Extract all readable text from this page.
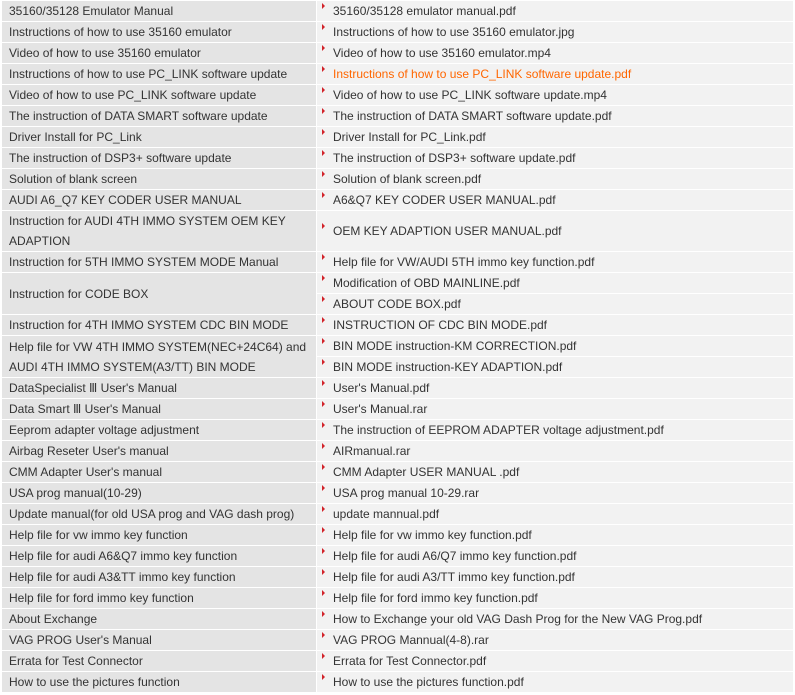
35160/35128 Emulator Manual	35160/35128 emulator manual.pdf
Instructions of how to use 35160 emulator	Instructions of how to use 35160 emulator.jpg
Video of how to use 35160 emulator	Video of how to use 35160 emulator.mp4
Instructions of how to use PC_LINK software update	Instructions of how to use PC_LINK software update.pdf
Video of how to use PC_LINK software update	Video of how to use PC_LINK software update.mp4
The instruction of DATA SMART software update	The instruction of DATA SMART software update.pdf
Driver Install for PC_Link	Driver Install for PC_Link.pdf
The instruction of DSP3+ software update	The instruction of DSP3+ software update.pdf
Solution of blank screen	Solution of blank screen.pdf
AUDI A6_Q7 KEY CODER USER MANUAL	A6&Q7 KEY CODER USER MANUAL.pdf
Instruction for AUDI 4TH IMMO SYSTEM OEM KEY ADAPTION	OEM KEY ADAPTION USER MANUAL.pdf
Instruction for 5TH IMMO SYSTEM MODE Manual	Help file for VW/AUDI 5TH immo key function.pdf
Instruction for CODE BOX	Modification of OBD MAINLINE.pdf
	ABOUT CODE BOX.pdf
Instruction for 4TH IMMO SYSTEM CDC BIN MODE	INSTRUCTION OF CDC BIN MODE.pdf
Help file for VW 4TH IMMO SYSTEM(NEC+24C64) and AUDI 4TH IMMO SYSTEM(A3/TT) BIN MODE	BIN MODE instruction-KM CORRECTION.pdf
	BIN MODE instruction-KEY ADAPTION.pdf
DataSpecialist Ⅲ User's Manual	User's Manual.pdf
Data Smart Ⅲ User's Manual	User's Manual.rar
Eeprom adapter voltage adjustment	The instruction of EEPROM ADAPTER voltage adjustment.pdf
Airbag Reseter User's manual	AIRmanual.rar
CMM Adapter User's manual	CMM Adapter USER MANUAL .pdf
USA prog manual(10-29)	USA prog manual 10-29.rar
Update manual(for old USA prog and VAG dash prog)	update mannual.pdf
Help file for vw immo key function	Help file for vw immo key function.pdf
Help file for audi A6&Q7 immo key function	Help file for audi A6/Q7 immo key function.pdf
Help file for audi A3&TT immo key function	Help file for audi A3/TT immo key function.pdf
Help file for ford immo key function	Help file for ford immo key function.pdf
About Exchange	How to Exchange your old VAG Dash Prog for the New VAG Prog.pdf
VAG PROG User's Manual	VAG PROG Mannual(4-8).rar
Errata for Test Connector	Errata for Test Connector.pdf
How to use the pictures function	How to use the pictures function.pdf
